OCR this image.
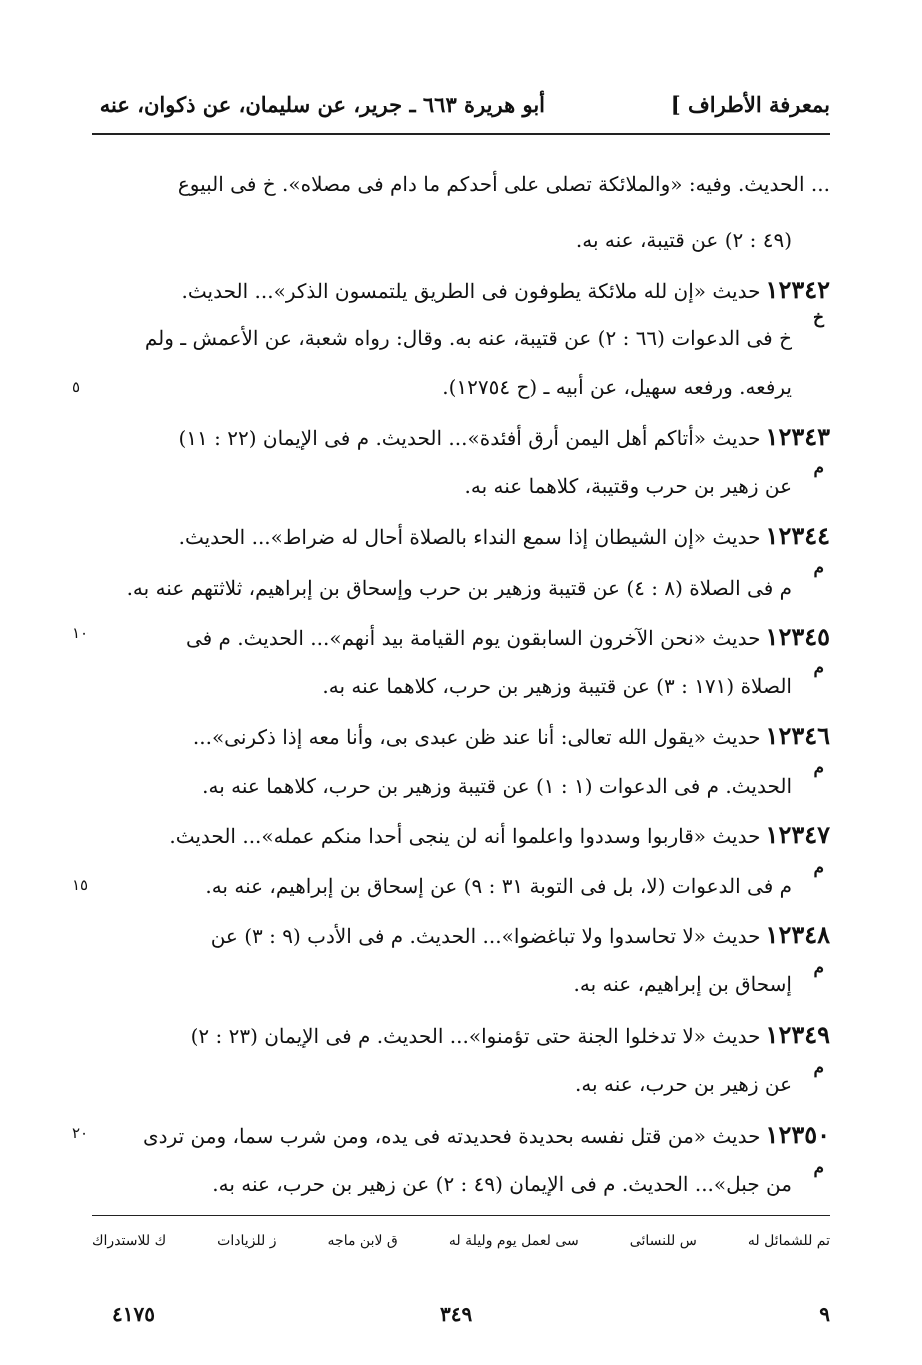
بمعرفة الأطراف ]
أبو هريرة ٦٦٣ ـ جرير، عن سليمان، عن ذكوان، عنه
... الحديث. وفيه: «والملائكة تصلى على أحدكم ما دام فى مصلاه». خ فى البيوع
(٤٩ : ٢) عن قتيبة، عنه به.
١٢٣٤٢ حديث «إن لله ملائكة يطوفون فى الطريق يلتمسون الذكر»... الحديث.
خ
خ فى الدعوات (٦٦ : ٢) عن قتيبة، عنه به. وقال: رواه شعبة، عن الأعمش ـ ولم
يرفعه. ورفعه سهيل، عن أبيه ـ (ح ١٢٧٥٤).
٥
١٢٣٤٣ حديث «أتاكم أهل اليمن أرق أفئدة»... الحديث. م فى الإيمان (٢٢ : ١١)
م
عن زهير بن حرب وقتيبة، كلاهما عنه به.
١٢٣٤٤ حديث «إن الشيطان إذا سمع النداء بالصلاة أحال له ضراط»... الحديث.
م
م فى الصلاة (٨ : ٤) عن قتيبة وزهير بن حرب وإسحاق بن إبراهيم، ثلاثتهم عنه به.
١٢٣٤٥ حديث «نحن الآخرون السابقون يوم القيامة بيد أنهم»... الحديث. م فى
١٠
م
الصلاة (١٧١ : ٣) عن قتيبة وزهير بن حرب، كلاهما عنه به.
١٢٣٤٦ حديث «يقول الله تعالى: أنا عند ظن عبدى بى، وأنا معه إذا ذكرنى»...
م
الحديث. م فى الدعوات (١ : ١) عن قتيبة وزهير بن حرب، كلاهما عنه به.
١٢٣٤٧ حديث «قاربوا وسددوا واعلموا أنه لن ينجى أحدا منكم عمله»... الحديث.
م
م فى الدعوات (لا، بل فى التوبة ٣١ : ٩) عن إسحاق بن إبراهيم، عنه به.
١٥
١٢٣٤٨ حديث «لا تحاسدوا ولا تباغضوا»... الحديث. م فى الأدب (٩ : ٣) عن
م
إسحاق بن إبراهيم، عنه به.
١٢٣٤٩ حديث «لا تدخلوا الجنة حتى تؤمنوا»... الحديث. م فى الإيمان (٢٣ : ٢)
م
عن زهير بن حرب، عنه به.
١٢٣٥٠ حديث «من قتل نفسه بحديدة فحديدته فى يده، ومن شرب سما، ومن تردى
٢٠
م
من جبل»... الحديث. م فى الإيمان (٤٩ : ٢) عن زهير بن حرب، عنه به.
تم للشمائل له
س للنسائى
سى لعمل يوم وليلة له
ق لابن ماجه
ز للزيادات
ك للاستدراك
٩
٣٤٩
٤١٧٥
